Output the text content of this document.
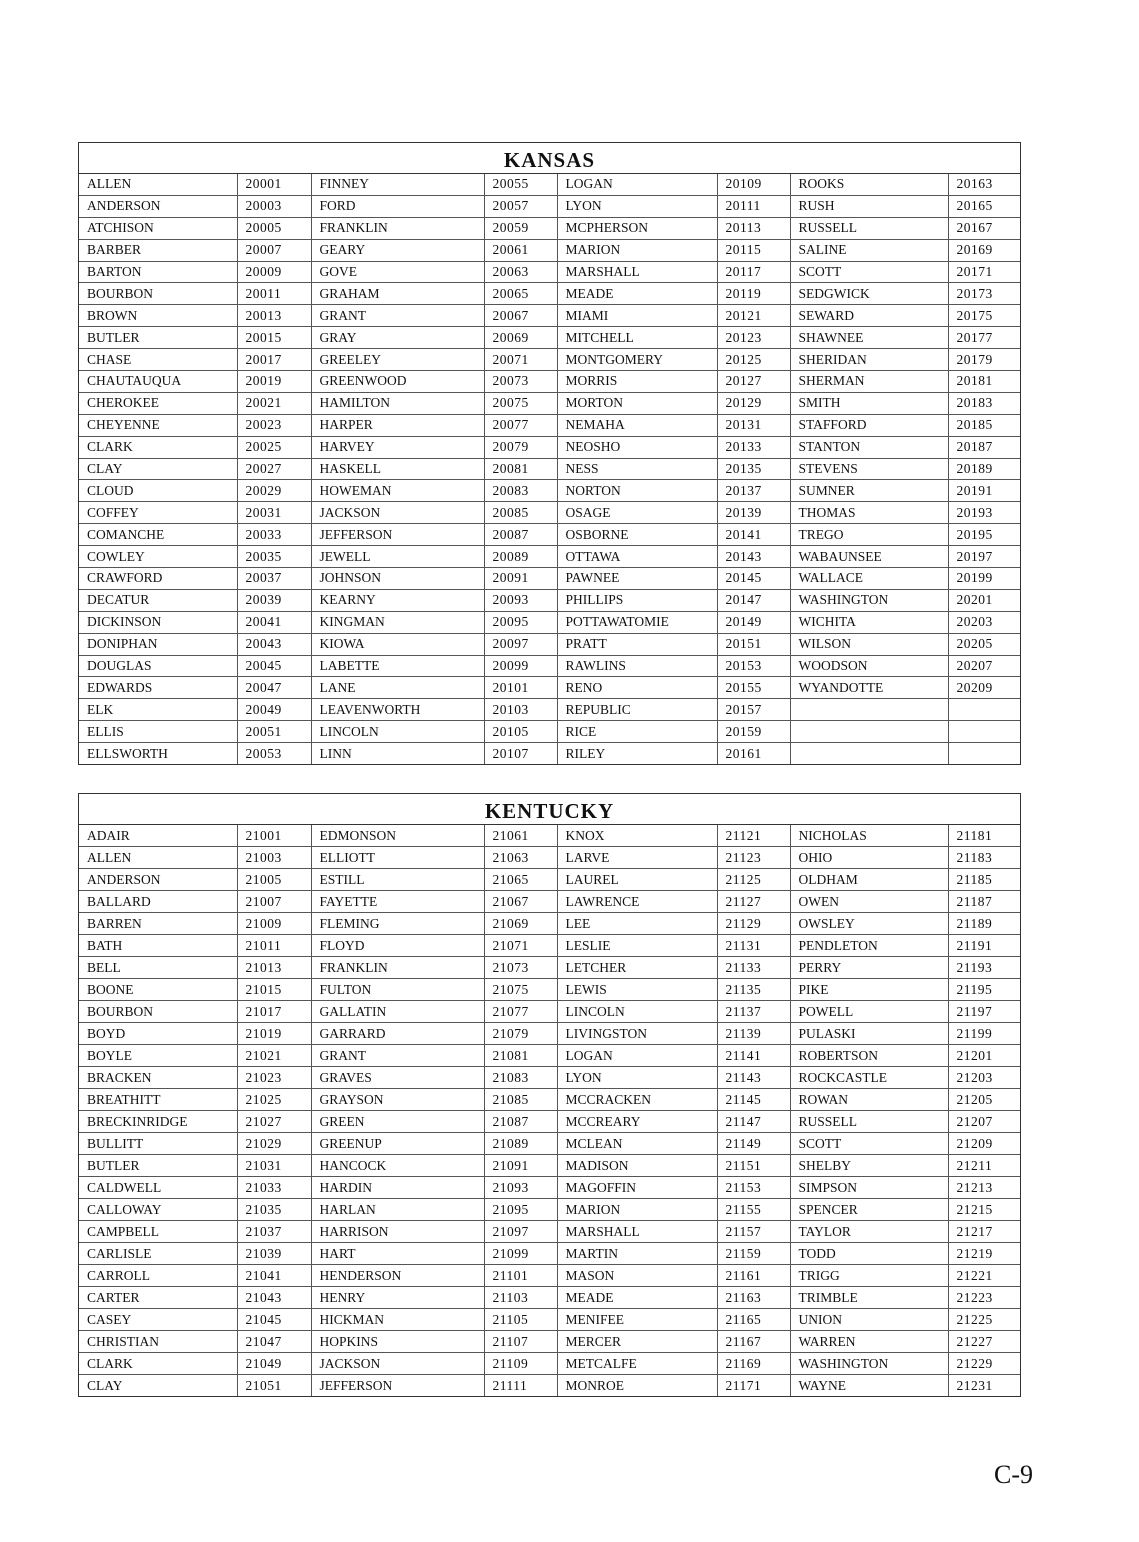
KANSAS
ALLEN	20001	FINNEY	20055	LOGAN	20109	ROOKS	20163
ANDERSON	20003	FORD	20057	LYON	20111	RUSH	20165
ATCHISON	20005	FRANKLIN	20059	MCPHERSON	20113	RUSSELL	20167
BARBER	20007	GEARY	20061	MARION	20115	SALINE	20169
BARTON	20009	GOVE	20063	MARSHALL	20117	SCOTT	20171
BOURBON	20011	GRAHAM	20065	MEADE	20119	SEDGWICK	20173
BROWN	20013	GRANT	20067	MIAMI	20121	SEWARD	20175
BUTLER	20015	GRAY	20069	MITCHELL	20123	SHAWNEE	20177
CHASE	20017	GREELEY	20071	MONTGOMERY	20125	SHERIDAN	20179
CHAUTAUQUA	20019	GREENWOOD	20073	MORRIS	20127	SHERMAN	20181
CHEROKEE	20021	HAMILTON	20075	MORTON	20129	SMITH	20183
CHEYENNE	20023	HARPER	20077	NEMAHA	20131	STAFFORD	20185
CLARK	20025	HARVEY	20079	NEOSHO	20133	STANTON	20187
CLAY	20027	HASKELL	20081	NESS	20135	STEVENS	20189
CLOUD	20029	HOWEMAN	20083	NORTON	20137	SUMNER	20191
COFFEY	20031	JACKSON	20085	OSAGE	20139	THOMAS	20193
COMANCHE	20033	JEFFERSON	20087	OSBORNE	20141	TREGO	20195
COWLEY	20035	JEWELL	20089	OTTAWA	20143	WABAUNSEE	20197
CRAWFORD	20037	JOHNSON	20091	PAWNEE	20145	WALLACE	20199
DECATUR	20039	KEARNY	20093	PHILLIPS	20147	WASHINGTON	20201
DICKINSON	20041	KINGMAN	20095	POTTAWATOMIE	20149	WICHITA	20203
DONIPHAN	20043	KIOWA	20097	PRATT	20151	WILSON	20205
DOUGLAS	20045	LABETTE	20099	RAWLINS	20153	WOODSON	20207
EDWARDS	20047	LANE	20101	RENO	20155	WYANDOTTE	20209
ELK	20049	LEAVENWORTH	20103	REPUBLIC	20157		
ELLIS	20051	LINCOLN	20105	RICE	20159		
ELLSWORTH	20053	LINN	20107	RILEY	20161		
KENTUCKY
ADAIR	21001	EDMONSON	21061	KNOX	21121	NICHOLAS	21181
ALLEN	21003	ELLIOTT	21063	LARVE	21123	OHIO	21183
ANDERSON	21005	ESTILL	21065	LAUREL	21125	OLDHAM	21185
BALLARD	21007	FAYETTE	21067	LAWRENCE	21127	OWEN	21187
BARREN	21009	FLEMING	21069	LEE	21129	OWSLEY	21189
BATH	21011	FLOYD	21071	LESLIE	21131	PENDLETON	21191
BELL	21013	FRANKLIN	21073	LETCHER	21133	PERRY	21193
BOONE	21015	FULTON	21075	LEWIS	21135	PIKE	21195
BOURBON	21017	GALLATIN	21077	LINCOLN	21137	POWELL	21197
BOYD	21019	GARRARD	21079	LIVINGSTON	21139	PULASKI	21199
BOYLE	21021	GRANT	21081	LOGAN	21141	ROBERTSON	21201
BRACKEN	21023	GRAVES	21083	LYON	21143	ROCKCASTLE	21203
BREATHITT	21025	GRAYSON	21085	MCCRACKEN	21145	ROWAN	21205
BRECKINRIDGE	21027	GREEN	21087	MCCREARY	21147	RUSSELL	21207
BULLITT	21029	GREENUP	21089	MCLEAN	21149	SCOTT	21209
BUTLER	21031	HANCOCK	21091	MADISON	21151	SHELBY	21211
CALDWELL	21033	HARDIN	21093	MAGOFFIN	21153	SIMPSON	21213
CALLOWAY	21035	HARLAN	21095	MARION	21155	SPENCER	21215
CAMPBELL	21037	HARRISON	21097	MARSHALL	21157	TAYLOR	21217
CARLISLE	21039	HART	21099	MARTIN	21159	TODD	21219
CARROLL	21041	HENDERSON	21101	MASON	21161	TRIGG	21221
CARTER	21043	HENRY	21103	MEADE	21163	TRIMBLE	21223
CASEY	21045	HICKMAN	21105	MENIFEE	21165	UNION	21225
CHRISTIAN	21047	HOPKINS	21107	MERCER	21167	WARREN	21227
CLARK	21049	JACKSON	21109	METCALFE	21169	WASHINGTON	21229
CLAY	21051	JEFFERSON	21111	MONROE	21171	WAYNE	21231
C-9
